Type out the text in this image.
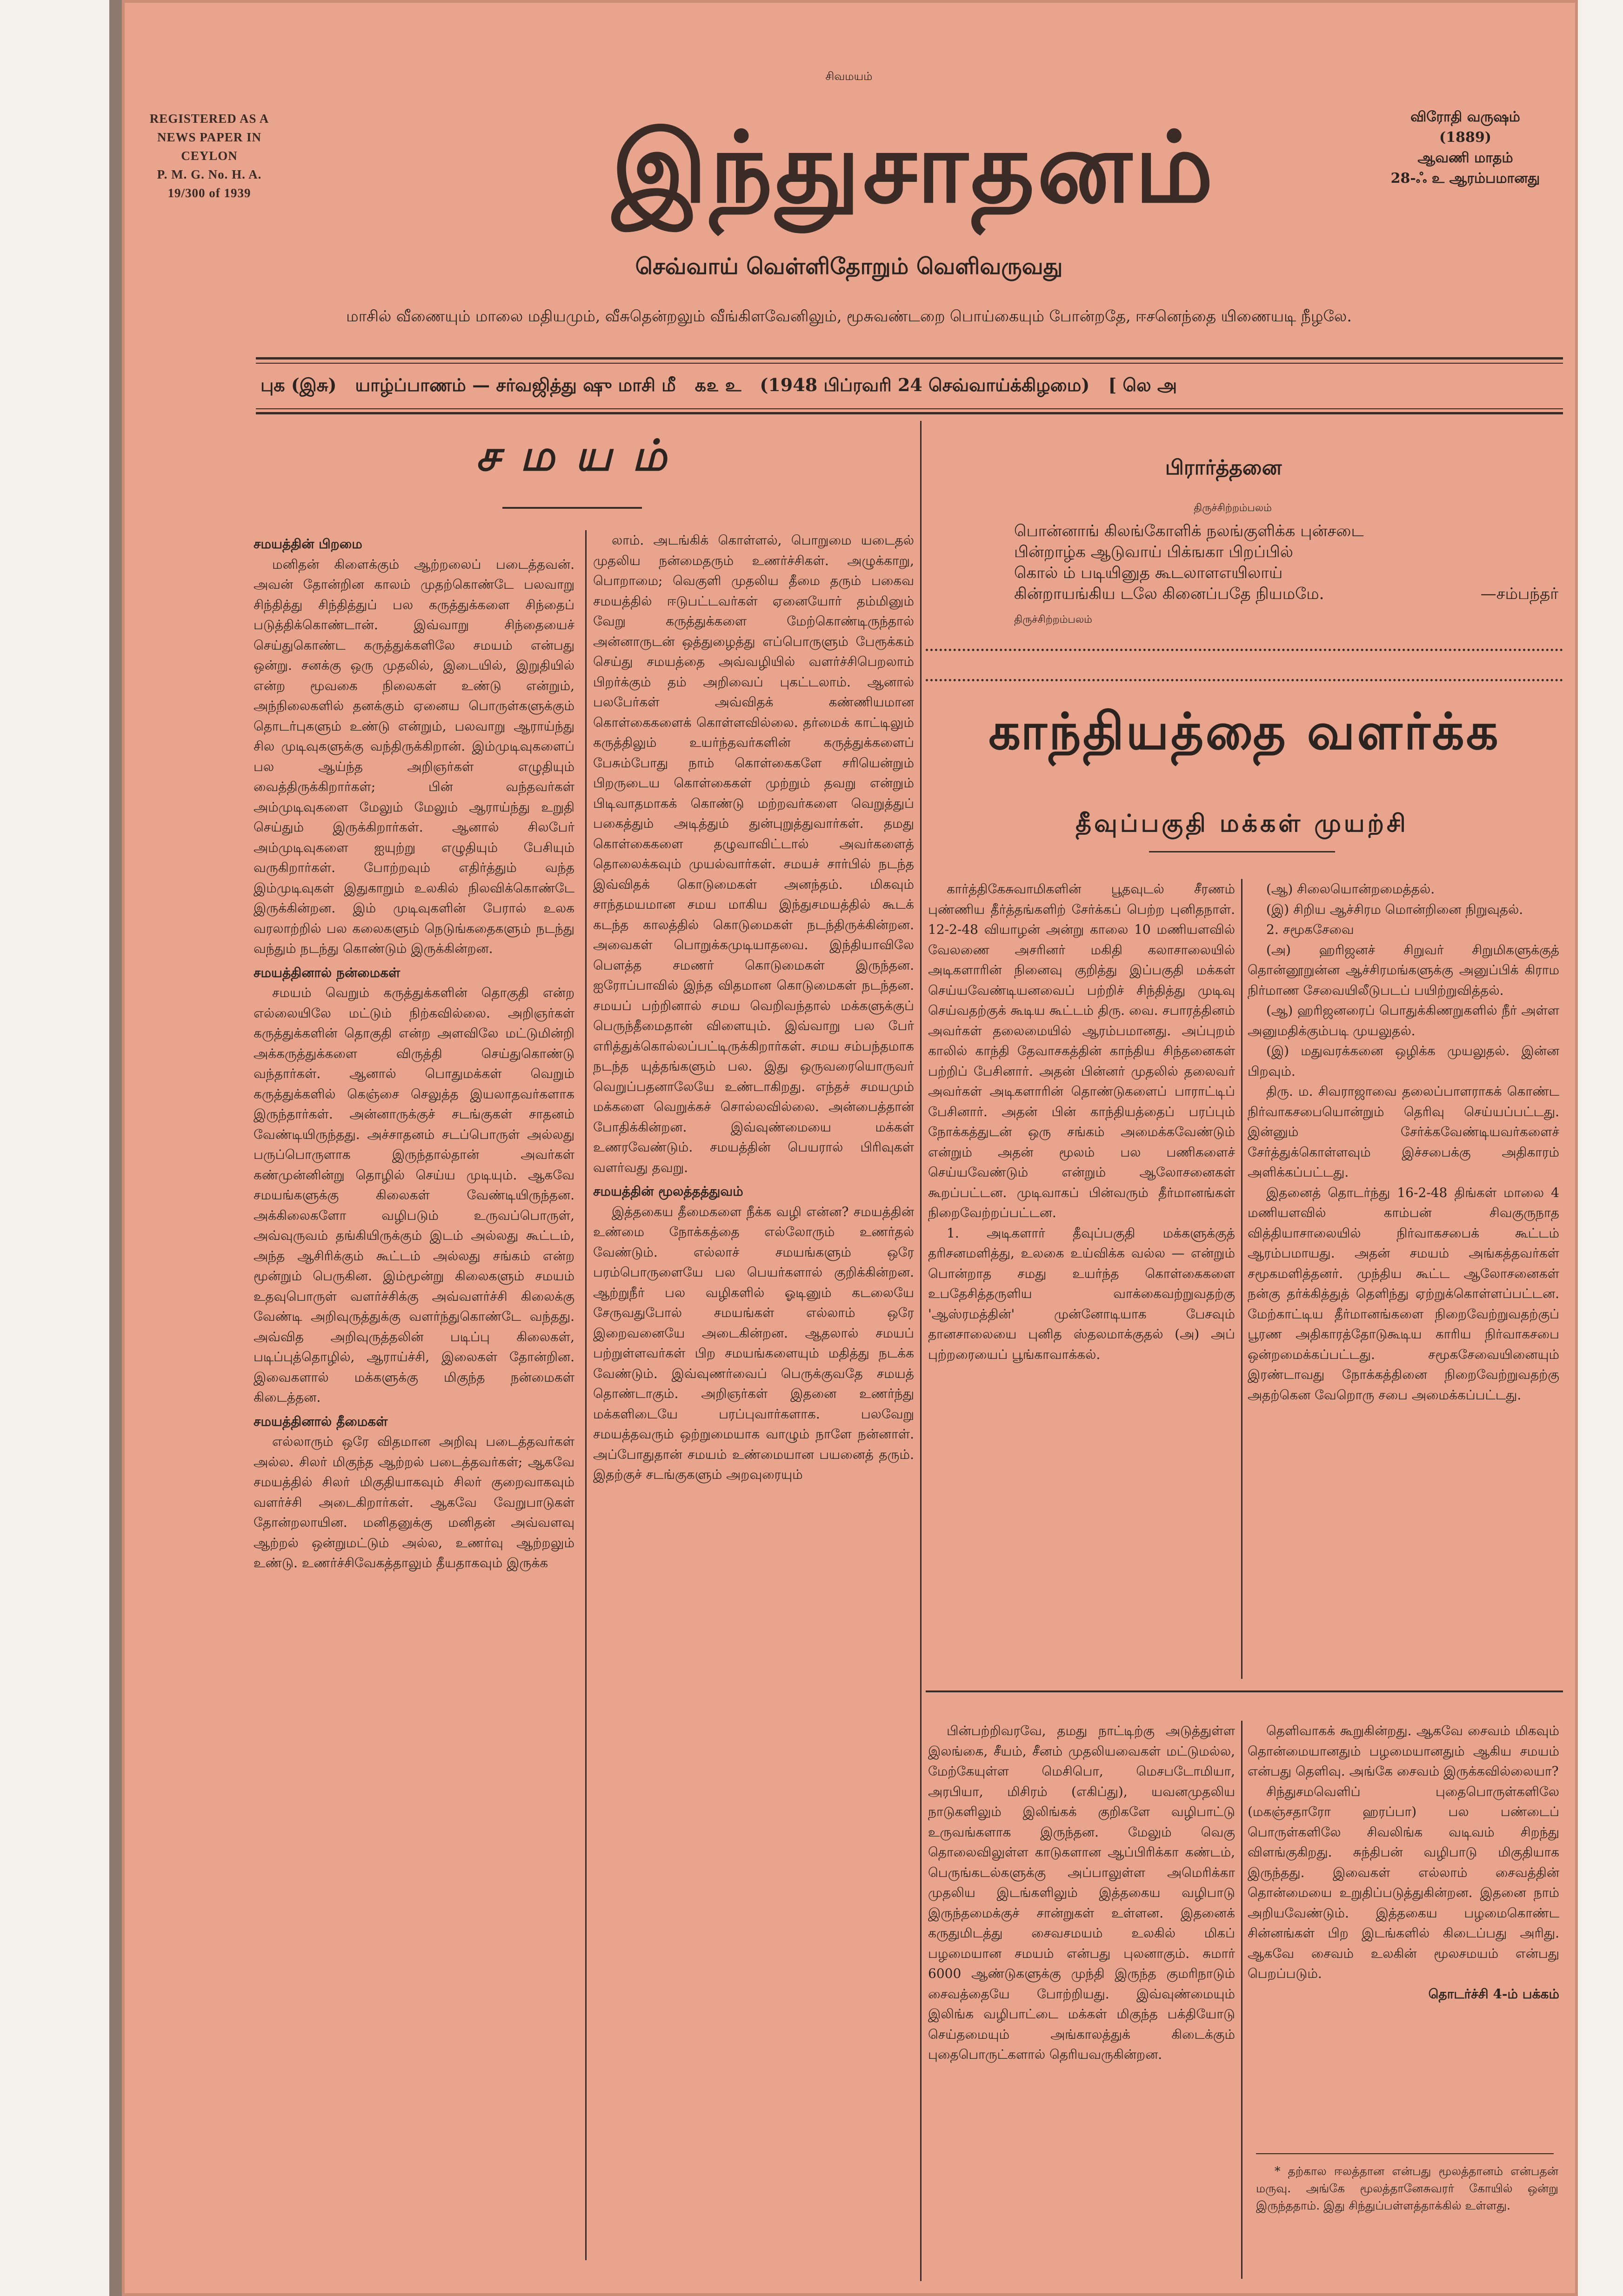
REGISTERED AS A
NEWS PAPER IN
CEYLON
P. M. G. No. H. A.
19/300 of 1939
சிவமயம்
இந்துசாதனம்	விரோதி வருஷம்
(1889)
ஆவணி மாதம்
28-ஃ உ ஆரம்பமானது
செவ்வாய் வெள்ளிதோறும் வெளிவருவது
மாசில் வீணையும் மாலை மதியமும், வீசுதென்றலும் வீங்கிளவேனிலும், மூசுவண்டறை பொய்கையும் போன்றதே, ஈசனெந்தை யிணையடி நீழலே.
புக (இசு) யாழ்ப்பாணம் — சர்வஜித்து ஷு மாசி மீ ௧௨ உ (1948 பிப்ரவரி 24 செவ்வாய்க்கிழமை) [ லெ அ
சமயம்
சமயத்தின் பிறமை

மனிதன் கிளைக்கும் ஆற்றலைப் படைத்தவன். அவன் தோன்றின காலம் முதற்கொண்டே பலவாறு சிந்தித்து சிந்தித்துப் பல கருத்துக்களை சிந்தைப் படுத்திக்கொண்டான். இவ்வாறு சிந்தையைச் செய்துகொண்ட கருத்துக்களிலே சமயம் என்பது ஒன்று. சனக்கு ஒரு முதலில், இடையில், இறுதியில் என்ற மூவகை நிலைகள் உண்டு என்றும், அந்நிலைகளில் தனக்கும் ஏனைய பொருள்களுக்கும் தொடர்புகளும் உண்டு என்றும், பலவாறு ஆராய்ந்து சில முடிவுகளுக்கு வந்திருக்கிறான். இம்முடிவுகளைப் பல ஆய்ந்த அறிஞர்கள் எழுதியும் வைத்திருக்கிறார்கள்; பின் வந்தவர்கள் அம்முடிவுகளை மேலும் மேலும் ஆராய்ந்து உறுதி செய்தும் இருக்கிறார்கள். ஆனால் சிலபேர் அம்முடிவுகளை ஐயுற்று எழுதியும் பேசியும் வருகிறார்கள். போற்றவும் எதிர்த்தும் வந்த இம்முடிவுகள் இதுகாறும் உலகில் நிலவிக்கொண்டே இருக்கின்றன. இம் முடிவுகளின் பேரால் உலக வரலாற்றில் பல கலைகளும் நெடுங்கதைகளும் நடந்து வந்தும் நடந்து கொண்டும் இருக்கின்றன.

சமயத்தினால் நன்மைகள்

சமயம் வெறும் கருத்துக்களின் தொகுதி என்ற எல்லையிலே மட்டும் நிற்கவில்லை. அறிஞர்கள் கருத்துக்களின் தொகுதி என்ற அளவிலே மட்டுமின்றி அக்கருத்துக்களை விருத்தி செய்துகொண்டு வந்தார்கள். ஆனால் பொதுமக்கள் வெறும் கருத்துக்களில் கெஞ்சை செலுத்த இயலாதவர்களாக இருந்தார்கள். அன்னாருக்குச் சடங்குகள் சாதனம் வேண்டியிருந்தது. அச்சாதனம் சடப்பொருள் அல்லது பருப்பொருளாக இருந்தால்தான் அவர்கள் கண்முன்னின்று தொழில் செய்ய முடியும். ஆகவே சமயங்களுக்கு கிலைகள் வேண்டியிருந்தன. அக்கிலைகளோ வழிபடும் உருவப்பொருள், அவ்வுருவம் தங்கியிருக்கும் இடம் அல்லது கூட்டம், அந்த ஆசிரிக்கும் கூட்டம் அல்லது சங்கம் என்ற மூன்றும் பெருகின. இம்மூன்று கிலைகளும் சமயம் உதவுபொருள் வளர்ச்சிக்கு அவ்வளர்ச்சி கிலைக்கு வேண்டி அறிவுருத்துக்கு வளர்ந்துகொண்டே வந்தது. அவ்வித அறிவுருத்தலின் படிப்பு கிலைகள், படிப்புத்தொழில், ஆராய்ச்சி, இலைகள் தோன்றின. இவைகளால் மக்களுக்கு மிகுந்த நன்மைகள் கிடைத்தன.

சமயத்தினால் தீமைகள்

எல்லாரும் ஒரே விதமான அறிவு படைத்தவர்கள் அல்ல. சிலர் மிகுந்த ஆற்றல் படைத்தவர்கள்; ஆகவே சமயத்தில் சிலர் மிகுதியாகவும் சிலர் குறைவாகவும் வளர்ச்சி அடைகிறார்கள். ஆகவே வேறுபாடுகள் தோன்றலாயின. மனிதனுக்கு மனிதன் அவ்வளவு ஆற்றல் ஒன்றுமட்டும் அல்ல, உணர்வு ஆற்றலும் உண்டு. உணர்ச்சிவேகத்தாலும் தீயதாகவும் இருக்க

லாம். அடங்கிக் கொள்ளல், பொறுமை யடைதல் முதலிய நன்மைதரும் உணர்ச்சிகள். அழுக்காறு, பொறாமை; வெகுளி முதலிய தீமை தரும் பகைவ சமயத்தில் ஈடுபட்டவர்கள் ஏனையோர் தம்மினும் வேறு கருத்துக்களை மேற்கொண்டிருந்தால் அன்னாருடன் ஒத்துழைத்து எப்பொருளும் பேரூக்கம் செய்து சமயத்தை அவ்வழியில் வளர்ச்சிபெறலாம் பிறர்க்கும் தம் அறிவைப் புகட்டலாம். ஆனால் பலபேர்கள் அவ்விதக் கண்ணியமான கொள்கைகளைக் கொள்ளவில்லை. தர்மைக் காட்டிலும் கருத்திலும் உயர்ந்தவர்களின் கருத்துக்களைப் பேசும்போது நாம் கொள்கைகளே சரியென்றும் பிறருடைய கொள்கைகள் முற்றும் தவறு என்றும் பிடிவாதமாகக் கொண்டு மற்றவர்களை வெறுத்துப் பகைத்தும் அடித்தும் துன்புறுத்துவார்கள். தமது கொள்கைகளை தழுவாவிட்டால் அவர்களைத் தொலைக்கவும் முயல்வார்கள். சமயச் சார்பில் நடந்த இவ்விதக் கொடுமைகள் அனந்தம். மிகவும் சாந்தமயமான சமய மாகிய இந்துசமயத்தில் கூடக் கடந்த காலத்தில் கொடுமைகள் நடந்திருக்கின்றன. அவைகள் பொறுக்கமுடியாதவை. இந்தியாவிலே பௌத்த சமணர் கொடுமைகள் இருந்தன. ஐரோப்பாவில் இந்த விதமான கொடுமைகள் நடந்தன. சமயப் பற்றினால் சமய வெறிவந்தால் மக்களுக்குப் பெருந்தீமைதான் விளையும். இவ்வாறு பல பேர் எரித்துக்கொல்லப்பட்டிருக்கிறார்கள். சமய சம்பந்தமாக நடந்த யுத்தங்களும் பல. இது ஒருவரையொருவர் வெறுப்பதனாலேயே உண்டாகிறது. எந்தச் சமயமும் மக்களை வெறுக்கச் சொல்லவில்லை. அன்பைத்தான் போதிக்கின்றன. இவ்வுண்மையை மக்கள் உணரவேண்டும். சமயத்தின் பெயரால் பிரிவுகள் வளர்வது தவறு.

சமயத்தின் மூலத்தத்துவம்

இத்தகைய தீமைகளை நீக்க வழி என்ன? சமயத்தின் உண்மை நோக்கத்தை எல்லோரும் உணர்தல் வேண்டும். எல்லாச் சமயங்களும் ஒரே பரம்பொருளையே பல பெயர்களால் குறிக்கின்றன. ஆற்றுநீர் பல வழிகளில் ஓடினும் கடலையே சேருவதுபோல் சமயங்கள் எல்லாம் ஒரே இறைவனையே அடைகின்றன. ஆதலால் சமயப் பற்றுள்ளவர்கள் பிற சமயங்களையும் மதித்து நடக்க வேண்டும். இவ்வுணர்வைப் பெருக்குவதே சமயத் தொண்டாகும். அறிஞர்கள் இதனை உணர்ந்து மக்களிடையே பரப்புவார்களாக. பலவேறு சமயத்தவரும் ஒற்றுமையாக வாழும் நாளே நன்னாள். அப்போதுதான் சமயம் உண்மையான பயனைத் தரும். இதற்குச் சடங்குகளும் அறவுரையும்

பிரார்த்தனை
திருச்சிற்றம்பலம்
பொன்னாங் கிலங்கோளிக் நலங்குளிக்க புன்சடை
பின்றாழ்க ஆடுவாய் பிக்ஙகா பிறப்பில்
கொல் ம் படியினுத கூடலாளஎயிலாய்
கின்றாயங்கிய டலே கினைப்பதே நியமமே.	—சம்பந்தர்
திருச்சிற்றம்பலம்
காந்தியத்தை வளர்க்க
தீவுப்பகுதி மக்கள் முயற்சி

கார்த்திகேசுவாமிகளின் பூதவுடல் சீரணம் புண்ணிய தீர்த்தங்களிற் சேர்க்கப் பெற்ற புனிதநாள். 12-2-48 வியாழன் அன்று காலை 10 மணியளவில் வேலணை அசரினர் மகிதி கலாசாலையில் அடிகளாரின் நினைவு குறித்து இப்பகுதி மக்கள் செய்யவேண்டியனவைப் பற்றிச் சிந்தித்து முடிவு செய்வதற்குக் கூடிய கூட்டம் திரு. வை. சபாரத்தினம் அவர்கள் தலைமையில் ஆரம்பமானது. அப்புறம் காலில் காந்தி தேவாசகத்தின் காந்திய சிந்தனைகள் பற்றிப் பேசினார். அதன் பின்னர் முதலில் தலைவர் அவர்கள் அடிகளாரின் தொண்டுகளைப் பாராட்டிப் பேசினார். அதன் பின் காந்தியத்தைப் பரப்பும் நோக்கத்துடன் ஒரு சங்கம் அமைக்கவேண்டும் என்றும் அதன் மூலம் பல பணிகளைச் செய்யவேண்டும் என்றும் ஆலோசனைகள் கூறப்பட்டன. முடிவாகப் பின்வரும் தீர்மானங்கள் நிறைவேற்றப்பட்டன.

1. அடிகளார் தீவுப்பகுதி மக்களுக்குத் தரிசனமளித்து, உலகை உய்விக்க வல்ல — என்றும் பொன்றாத சமது உயர்ந்த கொள்கைகளை உபதேசித்தருளிய வாக்கைவற்றுவதற்கு 'ஆஸ்ரமத்தின்' முன்னோடியாக பேசவும் தானசாலையை புனித ஸ்தலமாக்குதல் (அ) அப் புற்றரையைப் பூங்காவாக்கல்.

(ஆ) சிலையொன்றமைத்தல்.

(இ) சிறிய ஆச்சிரம மொன்றினை நிறுவுதல்.

2. சமூகசேவை

(அ) ஹரிஜனச் சிறுவர் சிறுமிகளுக்குத் தொன்னூறுன்ன ஆச்சிரமங்களுக்கு அனுப்பிக் கிராம நிர்மாண சேவையிலீடுபடப் பயிற்றுவித்தல்.

(ஆ) ஹரிஜனரைப் பொதுக்கிணறுகளில் நீர் அள்ள அனுமதிக்கும்படி முயலுதல்.

(இ) மதுவரக்கனை ஒழிக்க முயலுதல். இன்ன பிறவும்.

திரு. ம. சிவராஜாவை தலைப்பாளராகக் கொண்ட நிர்வாகசபையொன்றும் தெரிவு செய்யப்பட்டது. இன்னும் சேர்க்கவேண்டியவர்களைச் சேர்த்துக்கொள்ளவும் இச்சபைக்கு அதிகாரம் அளிக்கப்பட்டது.

இதனைத் தொடர்ந்து 16-2-48 திங்கள் மாலை 4 மணியளவில் காம்பன் சிவகுருநாத வித்தியாசாலையில் நிர்வாகசபைக் கூட்டம் ஆரம்பமாயது. அதன் சமயம் அங்கத்தவர்கள் சமூகமளித்தனர். முந்திய கூட்ட ஆலோசனைகள் நன்கு தர்க்கித்துத் தெளிந்து ஏற்றுக்கொள்ளப்பட்டன. மேற்காட்டிய தீர்மானங்களை நிறைவேற்றுவதற்குப் பூரண அதிகாரத்தோடுகூடிய காரிய நிர்வாகசபை ஒன்றமைக்கப்பட்டது. சமூகசேவையினையும் இரண்டாவது நோக்கத்தினை நிறைவேற்றுவதற்கு அதற்கென வேறொரு சபை அமைக்கப்பட்டது.

பின்பற்றிவரவே, தமது நாட்டிற்கு அடுத்துள்ள இலங்கை, சீயம், சீனம் முதலியவைகள் மட்டுமல்ல, மேற்கேயுள்ள மெசிபொ, மெசபடோமியா, அரபியா, மிசிரம் (எகிப்து), யவனமுதலிய நாடுகளிலும் இலிங்கக் குறிகளே வழிபாட்டு உருவங்களாக இருந்தன. மேலும் வெகு தொலைவிலுள்ள காடுகளான ஆப்பிரிக்கா கண்டம், பெருங்கடல்களுக்கு அப்பாலுள்ள அமெரிக்கா முதலிய இடங்களிலும் இத்தகைய வழிபாடு இருந்தமைக்குச் சான்றுகள் உள்ளன. இதனைக் கருதுமிடத்து சைவசமயம் உலகில் மிகப் பழமையான சமயம் என்பது புலனாகும். சுமார் 6000 ஆண்டுகளுக்கு முந்தி இருந்த குமரிநாடும் சைவத்தையே போற்றியது. இவ்வுண்மையும் இலிங்க வழிபாட்டை மக்கள் மிகுந்த பக்தியோடு செய்தமையும் அங்காலத்துக் கிடைக்கும் புதைபொருட்களால் தெரியவருகின்றன.

தெளிவாகக் கூறுகின்றது. ஆகவே சைவம் மிகவும் தொன்மையானதும் பழமையானதும் ஆகிய சமயம் என்பது தெளிவு. அங்கே சைவம் இருக்கவில்லையா?

சிந்துசமவெளிப் புதைபொருள்களிலே (மகஞ்சதாரோ ஹரப்பா) பல பண்டைப் பொருள்களிலே சிவலிங்க வடிவம் சிறந்து விளங்குகிறது. சுந்திபன் வழிபாடு மிகுதியாக இருந்தது. இவைகள் எல்லாம் சைவத்தின் தொன்மையை உறுதிப்படுத்துகின்றன. இதனை நாம் அறியவேண்டும். இத்தகைய பழமைகொண்ட சின்னங்கள் பிற இடங்களில் கிடைப்பது அரிது. ஆகவே சைவம் உலகின் மூலசமயம் என்பது பெறப்படும்.

தொடர்ச்சி 4-ம் பக்கம்

* தற்கால ஈலத்தான என்பது மூலத்தானம் என்பதன் மருவு. அங்கே மூலத்தானேசுவரர் கோயில் ஒன்று இருந்ததாம். இது சிந்துப்பள்ளத்தாக்கில் உள்ளது.
